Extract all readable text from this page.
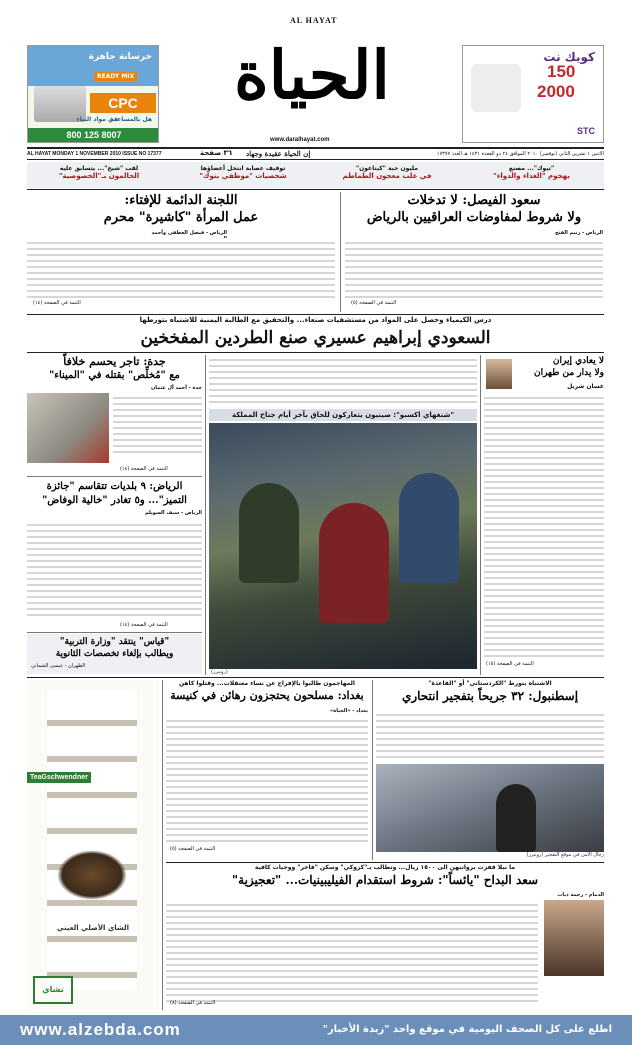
خرسانة جاهزة
READY MIX
CPC
هل بالمساعدة
في مواد البناء
800 125 8007
كويك نت
150
2000
STC
AL HAYAT
الحياة
www.daralhayat.com
AL HAYAT MONDAY 1 NOVEMBER 2010 ISSUE NO 17377	٣٦ صفحة إن الحياة عقيدة وجهاد	الاثنين ١ تشرين الثاني (نوفمبر) ٢٠١٠ الموافق ٢٤ ذو القعدة ١٤٣١ هـ العدد ١٧٣٧٧
لقب "شيخ"... يتسابق عليه
الحالمون بـ"الخصوصية"
توقيف عصابة انتحل أعضاؤها
شخصيات "موظفي بنوك"
مليون حبة "كبتاغون"
في علب معجون الطماطم
"تيوك"... مصنع
بهجوم "الغذاء والدواء"
سعود الفيصل: لا تدخلات
ولا شروط لمفاوضات العراقيين بالرياض
الرياض - رنيم الفتح
التتمة في الصفحة (٥)
اللجنة الدائمة للإفتاء:
عمل المرأة "كاشيرة" محرم
الرياض - فيصل العطفي وأحمد
التتمة في الصفحة (١٤)
درس الكيمياء وحصل على المواد من مستشفيات صنعاء... والتحقيق مع الطالبة اليمنية للاشتباه بتورطها
السعودي إبراهيم عسيري صنع الطردين المفخخين
جدة: تاجر يحسم خلافاً
مع "مُخلِّص" بقتله في "الميناء"
جدة - أحمد آل عثمان
التتمة في الصفحة (١٤)
الرياض: ٩ بلديات تتقاسم "جائزة
التميز"... و٥ تغادر "خالية الوفاض"
الرياض - سيف السويلم
التتمة في الصفحة (١٤)
"قياس" ينتقد "وزارة التربية"
ويطالب بإلغاء تخصصات الثانوية
الظهران - عيسى الشماني
"شنغهاي اكسبو": صينيون يتعاركون للحاق بآخر أيام جناح المملكة
(رويترز)
لا يعادي إيران
ولا يدار من طهران
غسان شربل
التتمة في الصفحة (١٥)
الاشتباه بتورط "الكردستاني" أو "القاعدة"
إسطنبول: ٣٢ جريحاً بتفجير انتحاري
رجال الأمن في موقع التفجير (رويترز)
المهاجمون طالبوا بالإفراج عن نساء معتقلات... وقتلوا كاهن
بغداد: مسلحون يحتجزون رهائن في كنيسة
بغداد - «الحياة»
التتمة في الصفحة (٥)
TeaGschwendner
الشاي الأصلي العيني
تشاي
ما نيلا قفزت برواتبهن الى ١٥٠٠ ريال... وتطالب بـ"كروكي" وسكن "فاخر" ووجبات كافية
سعد البداح "يائساً": شروط استقدام الفيليبينيات... "تعجيزية"
الدمام - رحمة ذياب
التتمة في الصفحة (٨)
www.alzebda.com	اطلع على كل الصحف اليومية في موقع واحد "زبدة الأخبار"
